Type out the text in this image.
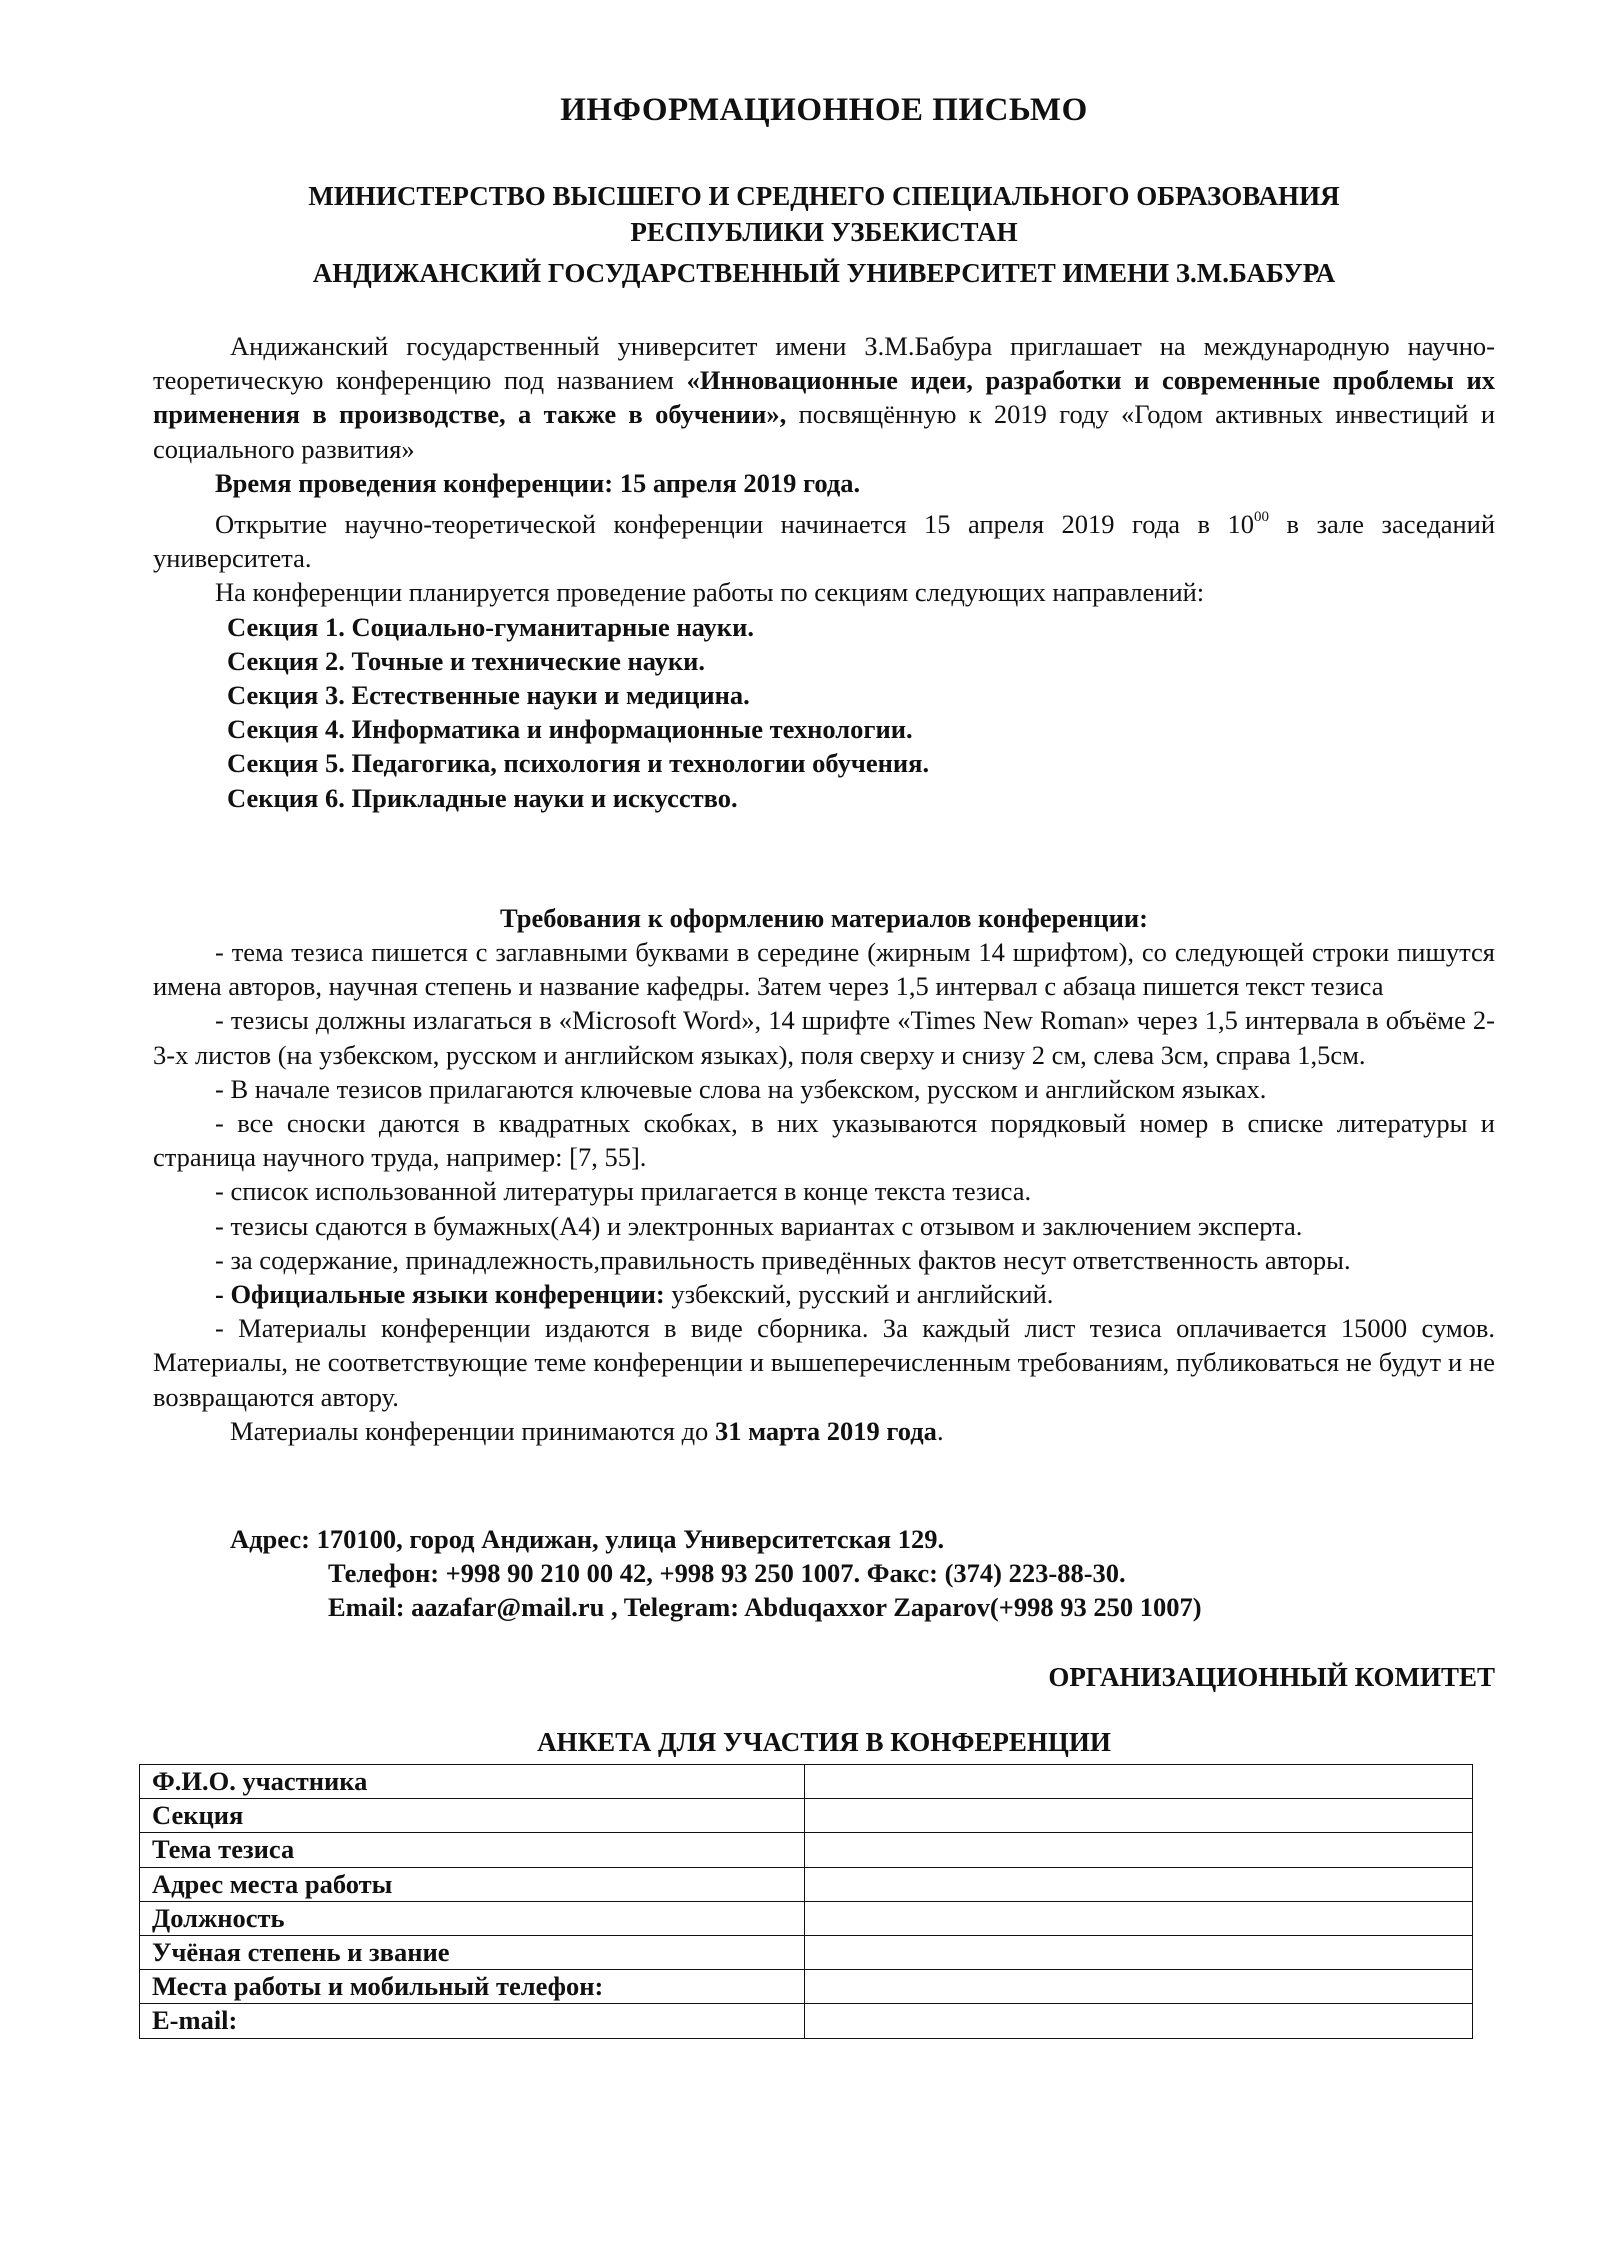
ИНФОРМАЦИОННОЕ ПИСЬМО
МИНИСТЕРСТВО ВЫСШЕГО И СРЕДНЕГО СПЕЦИАЛЬНОГО ОБРАЗОВАНИЯ
РЕСПУБЛИКИ УЗБЕКИСТАН
АНДИЖАНСКИЙ ГОСУДАРСТВЕННЫЙ УНИВЕРСИТЕТ ИМЕНИ З.М.БАБУРА

Андижанский государственный университет имени З.М.Бабура приглашает на международную научно-теоретическую конференцию под названием «Инновационные идеи, разработки и современные проблемы их применения в производстве, а также в обучении», посвящённую к 2019 году «Годом активных инвестиций и социального развития»

Время проведения конференции: 15 апреля 2019 года.

Открытие научно-теоретической конференции начинается 15 апреля 2019 года в $10^{00}$ в зале заседаний университета.

На конференции планируется проведение работы по секциям следующих направлений:

Секция 1. Социально-гуманитарные науки.
Секция 2. Точные и технические науки.
Секция 3. Естественные науки и медицина.
Секция 4. Информатика и информационные технологии.
Секция 5. Педагогика, психология и технологии обучения.
Секция 6. Прикладные науки и искусство.

Требования к оформлению материалов конференции:

- тема тезиса пишется с заглавными буквами в середине (жирным 14 шрифтом), со следующей строки пишутся имена авторов, научная степень и название кафедры. Затем через 1,5 интервал с абзаца пишется текст тезиса

- тезисы должны излагаться в «Microsoft Word», 14 шрифте «Times New Roman» через 1,5 интервала в объёме 2-3-х листов (на узбекском, русском и английском языках), поля сверху и снизу 2 см, слева 3см, справа 1,5см.

- В начале тезисов прилагаются ключевые слова на узбекском, русском и английском языках.

- все сноски даются в квадратных скобках, в них указываются порядковый номер в списке литературы и страница научного труда, например: [7, 55].

- список использованной литературы прилагается в конце текста тезиса.

- тезисы сдаются в бумажных(А4) и электронных вариантах с отзывом и заключением эксперта.

- за содержание, принадлежность,правильность приведённых фактов несут ответственность авторы.

- Официальные языки конференции: узбекский, русский и английский.

- Материалы конференции издаются в виде сборника. За каждый лист тезиса оплачивается 15000 сумов. Материалы, не соответствующие теме конференции и вышеперечисленным требованиям, публиковаться не будут и не возвращаются автору.

Материалы конференции принимаются до 31 марта 2019 года.

Адрес: 170100, город Андижан, улица Университетская 129.
Телефон: +998 90 210 00 42, +998 93 250 1007. Факс: (374) 223-88-30.
Email: aazafar@mail.ru , Telegram: Abduqaxxor Zaparov(+998 93 250 1007)
ОРГАНИЗАЦИОННЫЙ КОМИТЕТ
АНКЕТА ДЛЯ УЧАСТИЯ В КОНФЕРЕНЦИИ
Ф.И.О. участника	
Секция	
Тема тезиса	
Адрес места работы	
Должность	
Учёная степень и звание	
Места работы и мобильный телефон:	
E-mail:	
